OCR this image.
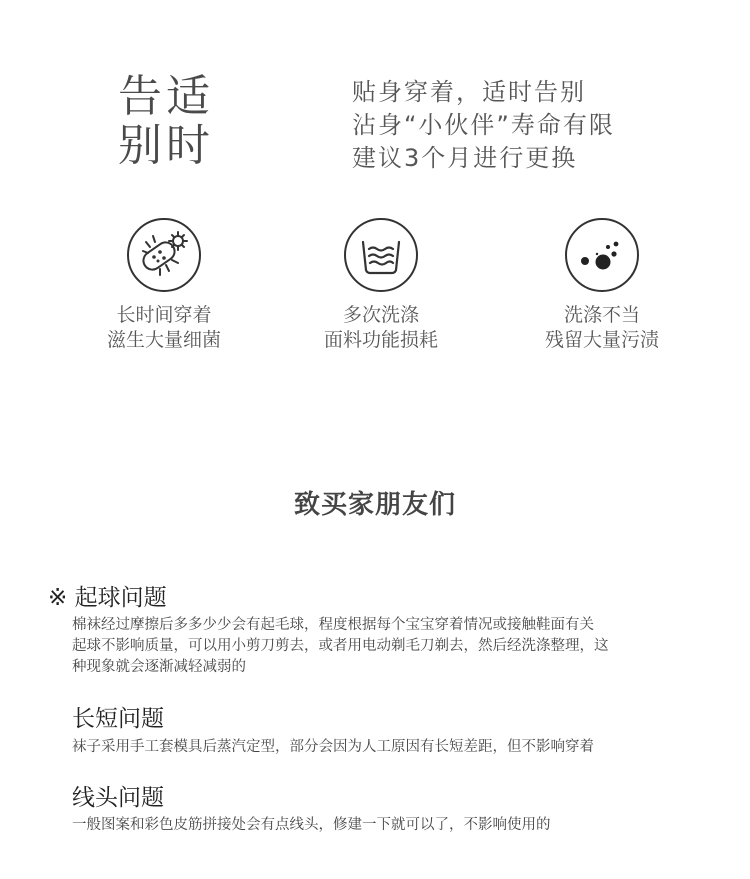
告适
别时
贴身穿着，适时告别
沾身“小伙伴”寿命有限
建议3个月进行更换
长时间穿着
滋生大量细菌
多次洗涤
面料功能损耗
洗涤不当
残留大量污渍
致买家朋友们
※ 起球问题
棉袜经过摩擦后多多少少会有起毛球，程度根据每个宝宝穿着情况或接触鞋面有关
起球不影响质量，可以用小剪刀剪去，或者用电动剃毛刀剃去，然后经洗涤整理，这
种现象就会逐渐减轻减弱的
长短问题
袜子采用手工套模具后蒸汽定型，部分会因为人工原因有长短差距，但不影响穿着
线头问题
一般图案和彩色皮筋拼接处会有点线头，修建一下就可以了，不影响使用的
